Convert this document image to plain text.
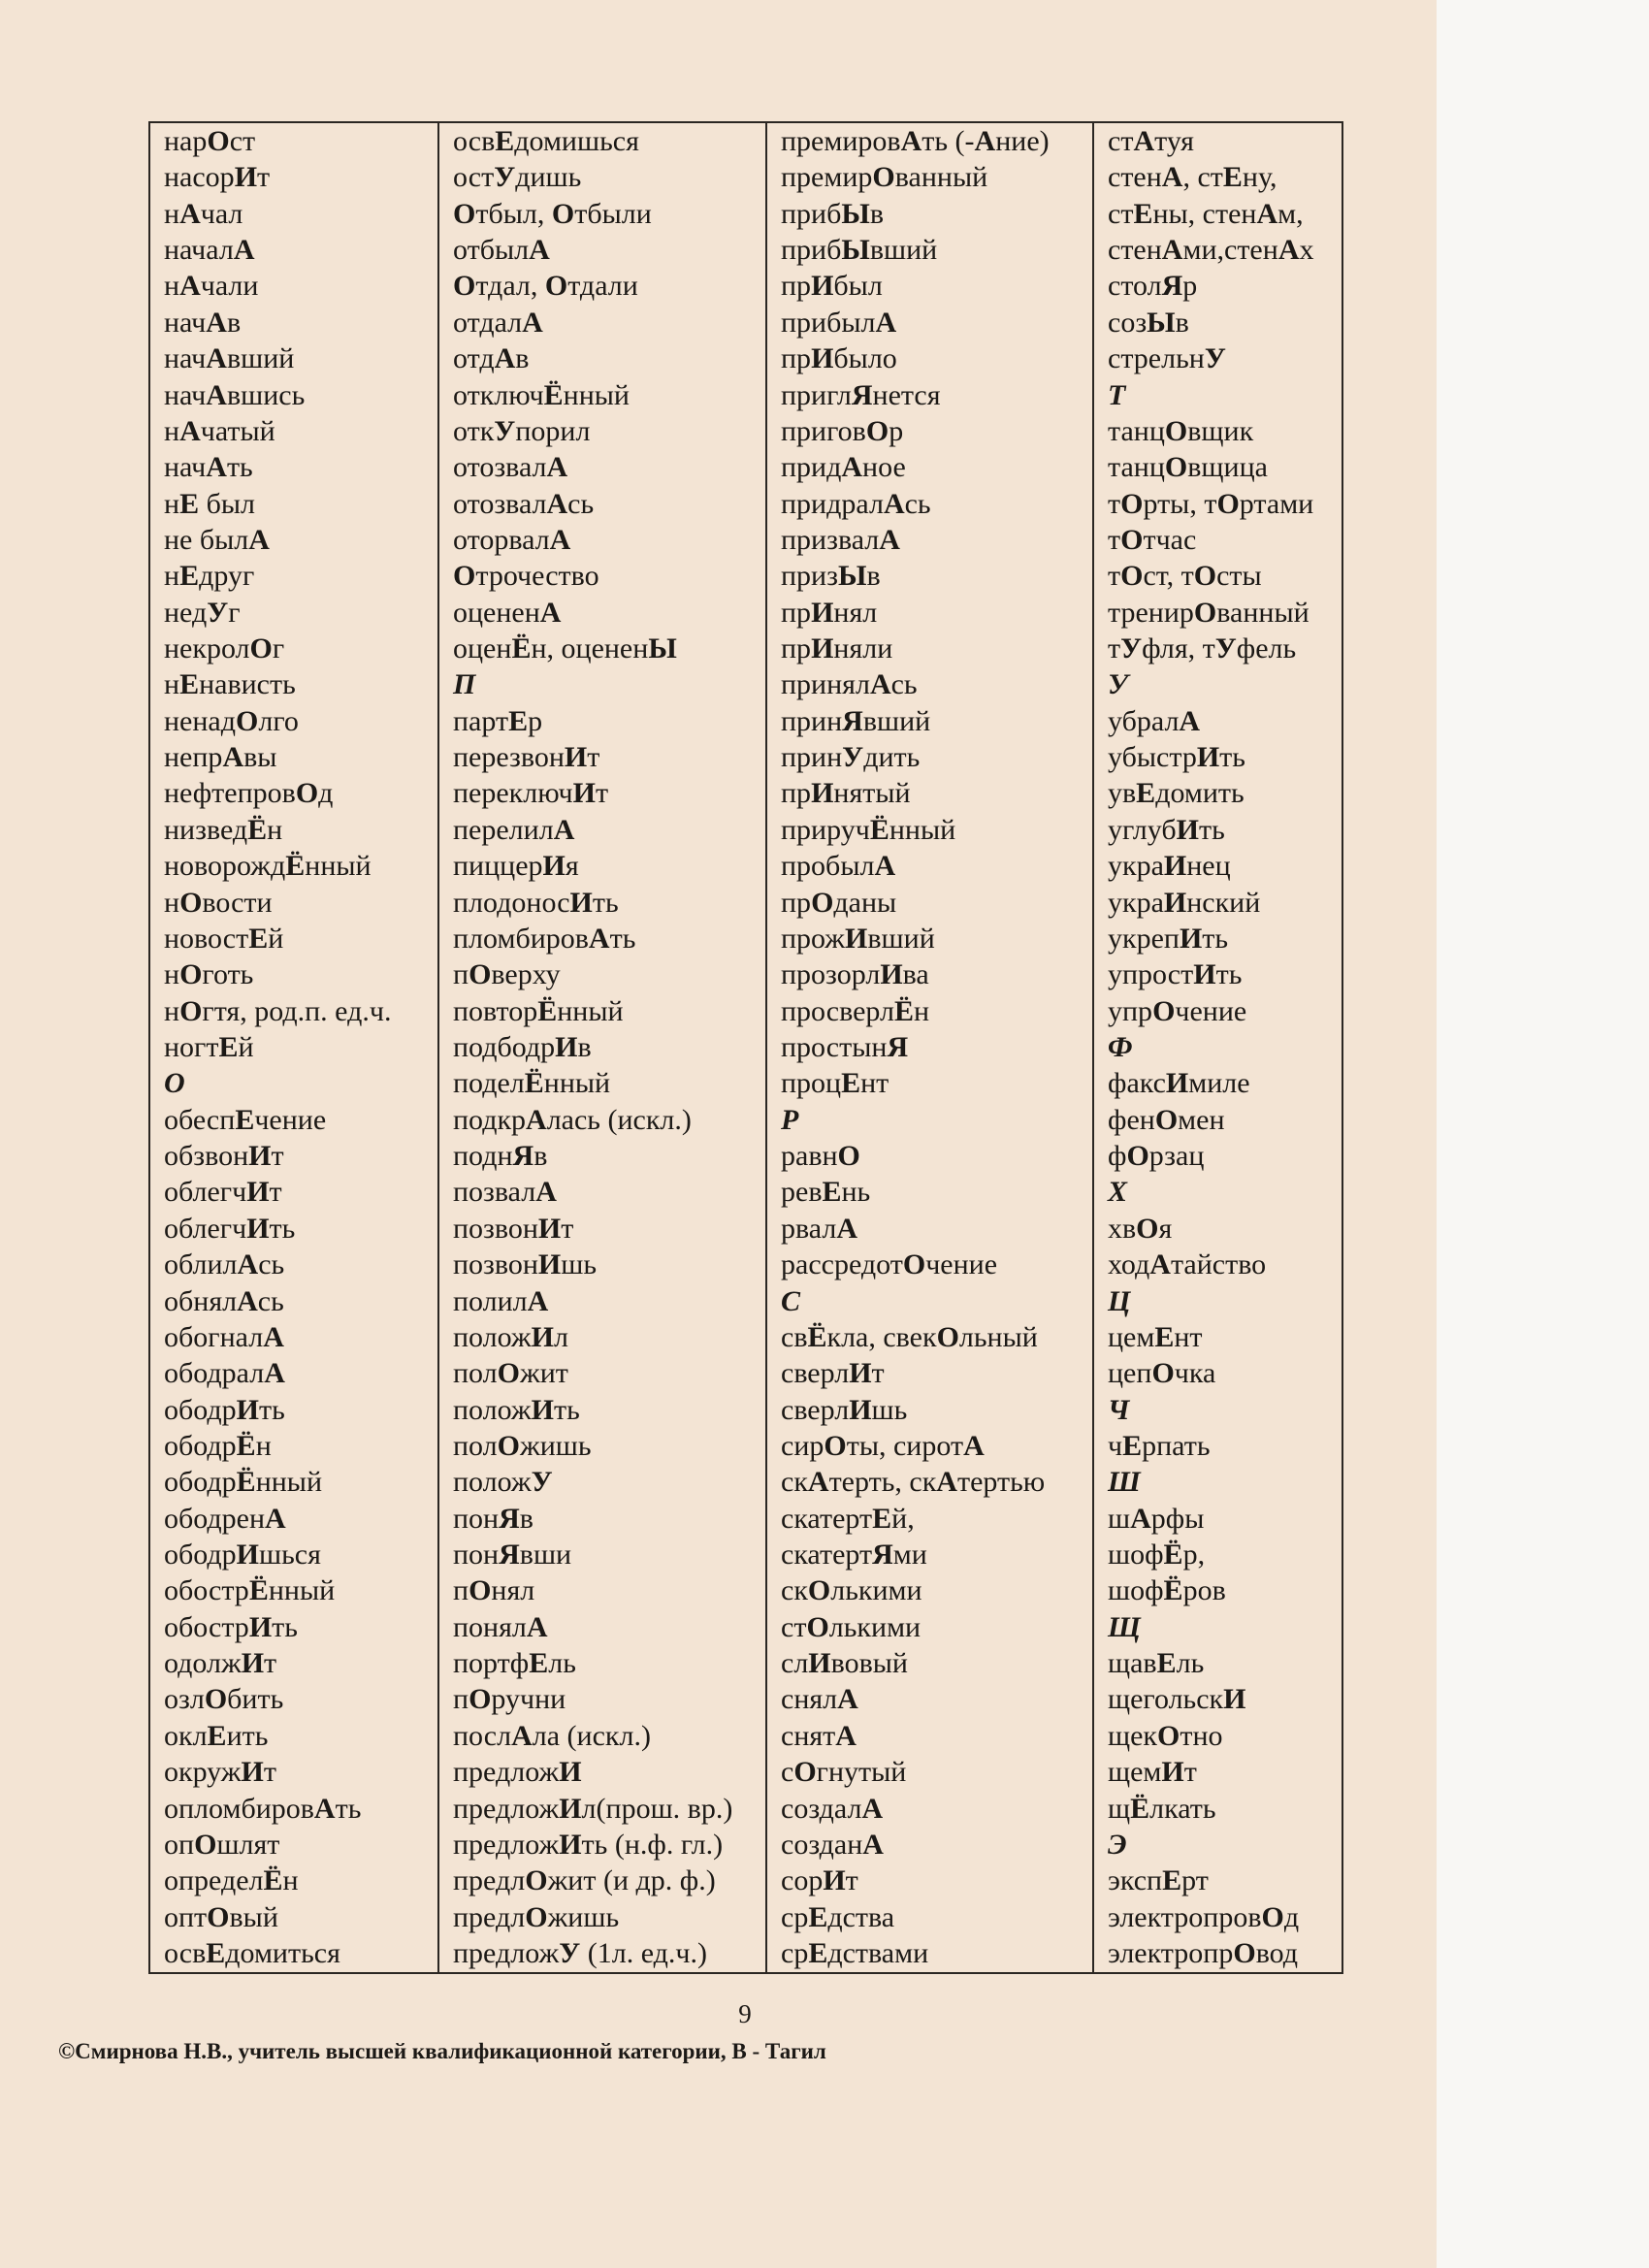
нарОст
насорИт
нАчал
началА
нАчали
начАв
начАвший
начАвшись
нАчатый
начАть
нЕ был
не былА
нЕдруг
недУг
некролОг
нЕнависть
ненадОлго
непрАвы
нефтепровОд
низведЁн
новорождЁнный
нОвости
новостЕй
нОготь
нОгтя, род.п. ед.ч.
ногтЕй
О
обеспЕчение
обзвонИт
облегчИт
облегчИть
облилАсь
обнялАсь
обогналА
ободралА
ободрИть
ободрЁн
ободрЁнный
ободренА
ободрИшься
обострЁнный
обострИть
одолжИт
озлОбить
оклЕить
окружИт
опломбировАть
опОшлят
определЁн
оптОвый
освЕдомиться
освЕдомишься
остУдишь
Отбыл, Отбыли
отбылА
Отдал, Отдали
отдалА
отдАв
отключЁнный
откУпорил
отозвалА
отозвалАсь
оторвалА
Отрочество
оцененА
оценЁн, оцененЫ
П
партЕр
перезвонИт
переключИт
перелилА
пиццерИя
плодоносИть
пломбировАть
пОверху
повторЁнный
подбодрИв
поделЁнный
подкрАлась (искл.)
поднЯв
позвалА
позвонИт
позвонИшь
полилА
положИл
полОжит
положИть
полОжишь
положУ
понЯв
понЯвши
пОнял
понялА
портфЕль
пОручни
послАла (искл.)
предложИ
предложИл(прош. вр.)
предложИть (н.ф. гл.)
предлОжит (и др. ф.)
предлОжишь
предложУ (1л. ед.ч.)
премировАть (-Ание)
премирОванный
прибЫв
прибЫвший
прИбыл
прибылА
прИбыло
приглЯнется
приговОр
придАное
придралАсь
призвалА
призЫв
прИнял
прИняли
принялАсь
принЯвший
принУдить
прИнятый
приручЁнный
пробылА
прОданы
прожИвший
прозорлИва
просверлЁн
простынЯ
процЕнт
Р
равнО
ревЕнь
рвалА
рассредотОчение
С
свЁкла, свекОльный
сверлИт
сверлИшь
сирОты, сиротА
скАтерть, скАтертью
скатертЕй,
скатертЯми
скОлькими
стОлькими
слИвовый
снялА
снятА
сОгнутый
создалА
созданА
сорИт
срЕдства
срЕдствами
стАтуя
стенА, стЕну,
стЕны, стенАм,
стенАми,стенАх
столЯр
созЫв
стрельнУ
Т
танцОвщик
танцОвщица
тОрты, тОртами
тОтчас
тОст, тОсты
тренирОванный
тУфля, тУфель
У
убралА
убыстрИть
увЕдомить
углубИть
украИнец
украИнский
укрепИть
упростИть
упрОчение
Ф
факсИмиле
фенОмен
фОрзац
Х
хвОя
ходАтайство
Ц
цемЕнт
цепОчка
Ч
чЕрпать
Ш
шАрфы
шофЁр,
шофЁров
Щ
щавЕль
щегольскИ
щекОтно
щемИт
щЁлкать
Э
экспЕрт
электропровОд
электропрОвод
9
©Смирнова Н.В., учитель высшей квалификационной категории, В - Тагил
